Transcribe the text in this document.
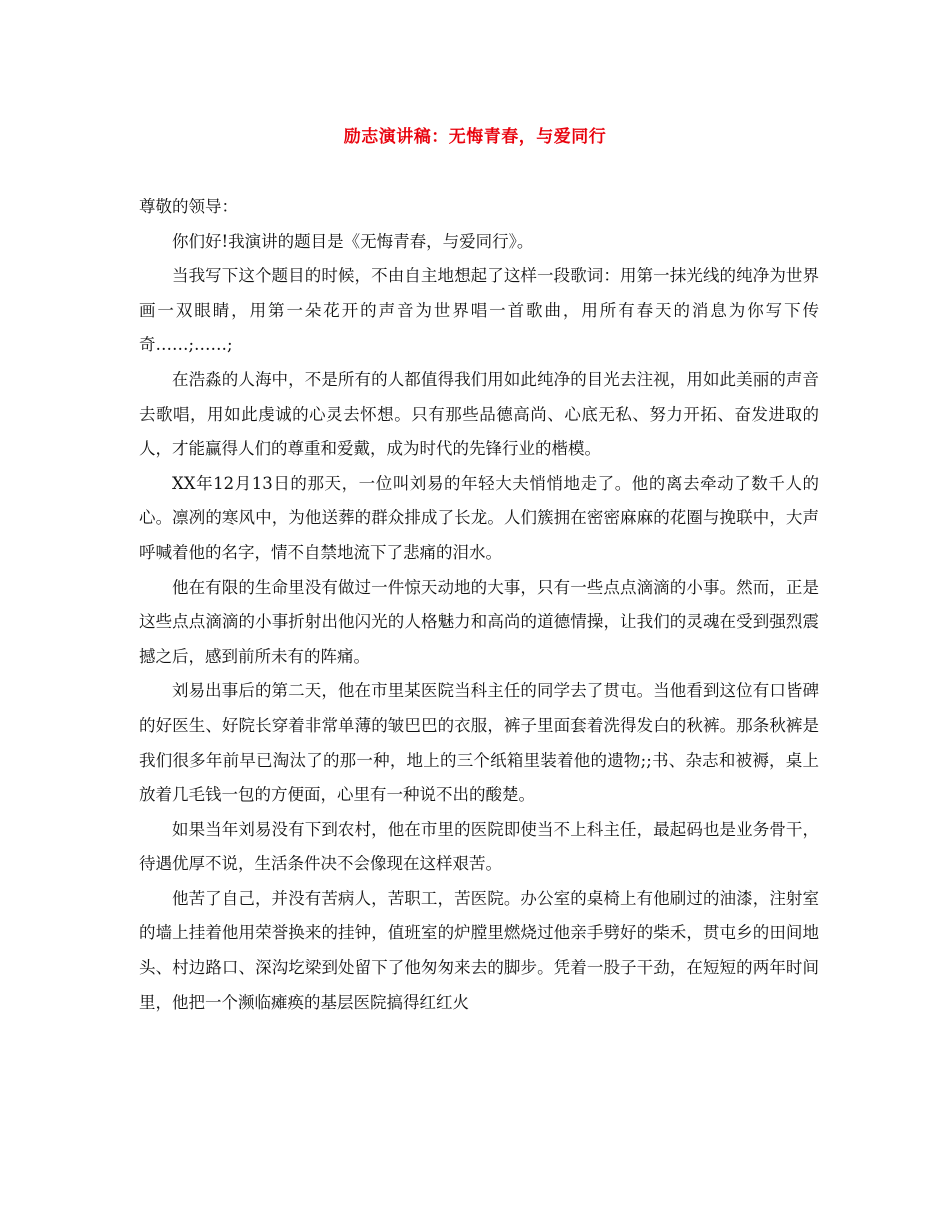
励志演讲稿：无悔青春，与爱同行

尊敬的领导：

你们好!我演讲的题目是《无悔青春，与爱同行》。

当我写下这个题目的时候，不由自主地想起了这样一段歌词：用第一抹光线的纯净为世界画一双眼睛，用第一朵花开的声音为世界唱一首歌曲，用所有春天的消息为你写下传奇……;……;

在浩淼的人海中，不是所有的人都值得我们用如此纯净的目光去注视，用如此美丽的声音去歌唱，用如此虔诚的心灵去怀想。只有那些品德高尚、心底无私、努力开拓、奋发进取的人，才能赢得人们的尊重和爱戴，成为时代的先锋行业的楷模。

XX年12月13日的那天，一位叫刘易的年轻大夫悄悄地走了。他的离去牵动了数千人的心。凛冽的寒风中，为他送葬的群众排成了长龙。人们簇拥在密密麻麻的花圈与挽联中，大声呼喊着他的名字，情不自禁地流下了悲痛的泪水。

他在有限的生命里没有做过一件惊天动地的大事，只有一些点点滴滴的小事。然而，正是这些点点滴滴的小事折射出他闪光的人格魅力和高尚的道德情操，让我们的灵魂在受到强烈震撼之后，感到前所未有的阵痛。

刘易出事后的第二天，他在市里某医院当科主任的同学去了贯屯。当他看到这位有口皆碑的好医生、好院长穿着非常单薄的皱巴巴的衣服，裤子里面套着洗得发白的秋裤。那条秋裤是我们很多年前早已淘汰了的那一种，地上的三个纸箱里装着他的遗物;;书、杂志和被褥，桌上放着几毛钱一包的方便面，心里有一种说不出的酸楚。

如果当年刘易没有下到农村，他在市里的医院即使当不上科主任，最起码也是业务骨干，待遇优厚不说，生活条件决不会像现在这样艰苦。

他苦了自己，并没有苦病人，苦职工，苦医院。办公室的桌椅上有他刷过的油漆，注射室的墙上挂着他用荣誉换来的挂钟，值班室的炉膛里燃烧过他亲手劈好的柴禾，贯屯乡的田间地头、村边路口、深沟圪梁到处留下了他匆匆来去的脚步。凭着一股子干劲，在短短的两年时间里，他把一个濒临瘫痪的基层医院搞得红红火
